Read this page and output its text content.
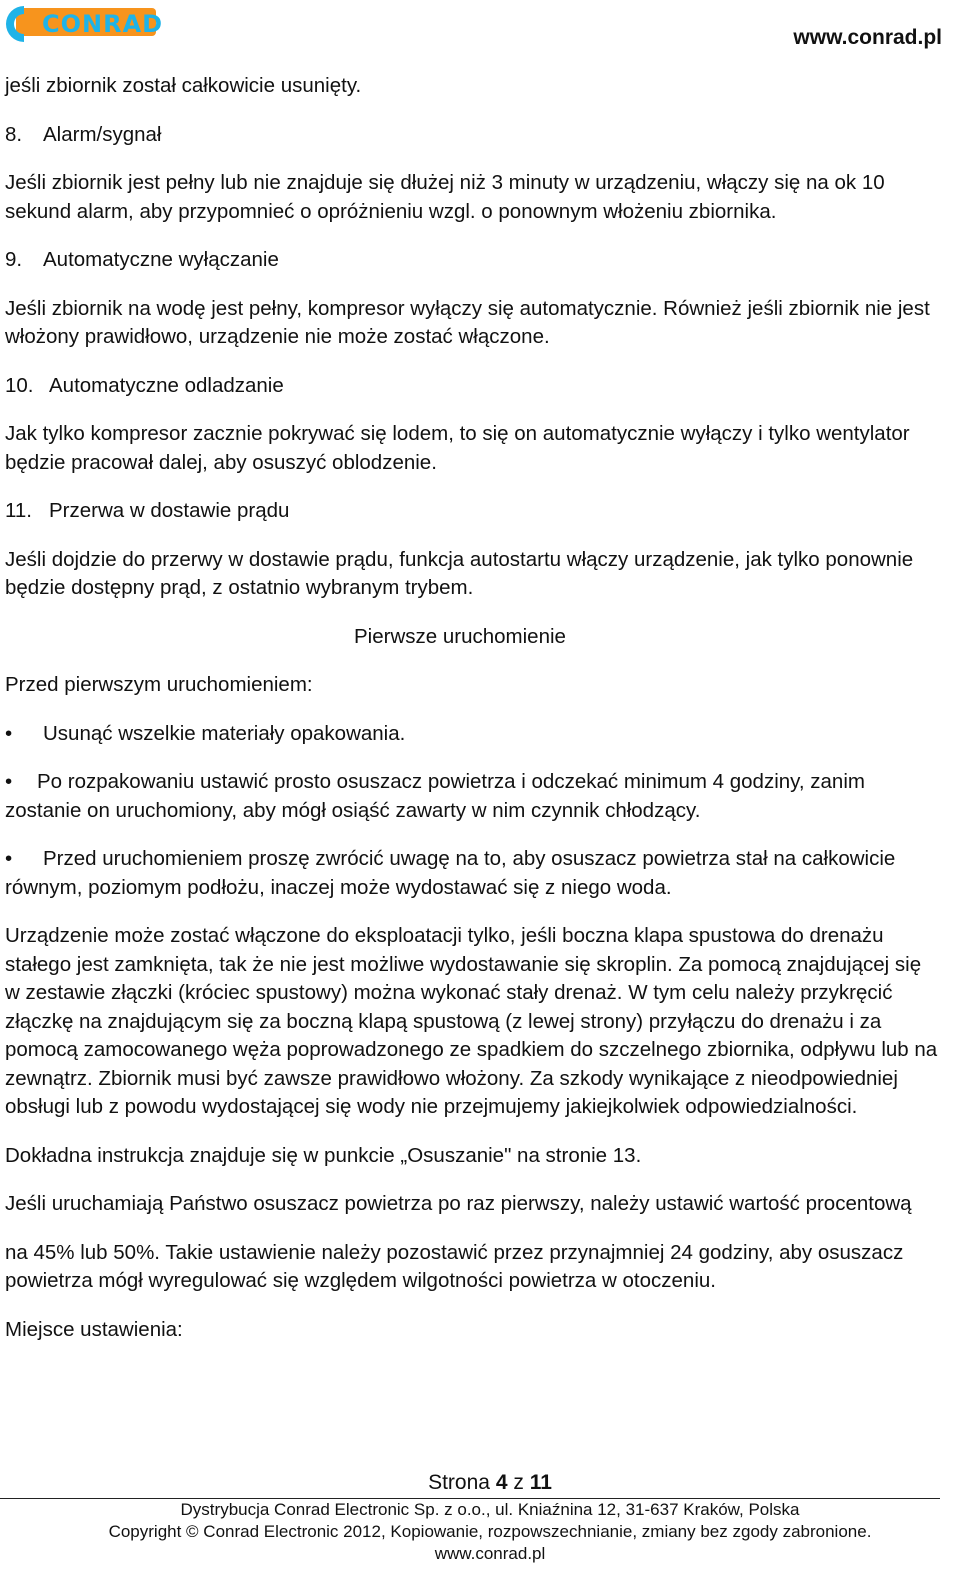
CONRAD	www.conrad.pl

jeśli zbiornik został całkowicie usunięty.

8. Alarm/sygnał

Jeśli zbiornik jest pełny lub nie znajduje się dłużej niż 3 minuty w urządzeniu, włączy się na ok 10 sekund alarm, aby przypomnieć o opróżnieniu wzgl. o ponownym włożeniu zbiornika.

9. Automatyczne wyłączanie

Jeśli zbiornik na wodę jest pełny, kompresor wyłączy się automatycznie. Również jeśli zbiornik nie jest włożony prawidłowo, urządzenie nie może zostać włączone.

10. Automatyczne odladzanie

Jak tylko kompresor zacznie pokrywać się lodem, to się on automatycznie wyłączy i tylko wentylator będzie pracował dalej, aby osuszyć oblodzenie.

11. Przerwa w dostawie prądu

Jeśli dojdzie do przerwy w dostawie prądu, funkcja autostartu włączy urządzenie, jak tylko ponownie będzie dostępny prąd, z ostatnio wybranym trybem.

Pierwsze uruchomienie

Przed pierwszym uruchomieniem:

• Usunąć wszelkie materiały opakowania.

• Po rozpakowaniu ustawić prosto osuszacz powietrza i odczekać minimum 4 godziny, zanim zostanie on uruchomiony, aby mógł osiąść zawarty w nim czynnik chłodzący.

• Przed uruchomieniem proszę zwrócić uwagę na to, aby osuszacz powietrza stał na całkowicie równym, poziomym podłożu, inaczej może wydostawać się z niego woda.

Urządzenie może zostać włączone do eksploatacji tylko, jeśli boczna klapa spustowa do drenażu stałego jest zamknięta, tak że nie jest możliwe wydostawanie się skroplin. Za pomocą znajdującej się w zestawie złączki (króciec spustowy) można wykonać stały drenaż. W tym celu należy przykręcić złączkę na znajdującym się za boczną klapą spustową (z lewej strony) przyłączu do drenażu i za pomocą zamocowanego węża poprowadzonego ze spadkiem do szczelnego zbiornika, odpływu lub na zewnątrz. Zbiornik musi być zawsze prawidłowo włożony. Za szkody wynikające z nieodpowiedniej obsługi lub z powodu wydostającej się wody nie przejmujemy jakiejkolwiek odpowiedzialności.

Dokładna instrukcja znajduje się w punkcie „Osuszanie" na stronie 13.

Jeśli uruchamiają Państwo osuszacz powietrza po raz pierwszy, należy ustawić wartość procentową

na 45% lub 50%. Takie ustawienie należy pozostawić przez przynajmniej 24 godziny, aby osuszacz powietrza mógł wyregulować się względem wilgotności powietrza w otoczeniu.

Miejsce ustawienia:

Strona 4 z 11
Dystrybucja Conrad Electronic Sp. z o.o., ul. Kniaźnina 12, 31-637 Kraków, Polska
Copyright © Conrad Electronic 2012, Kopiowanie, rozpowszechnianie, zmiany bez zgody zabronione.
www.conrad.pl
